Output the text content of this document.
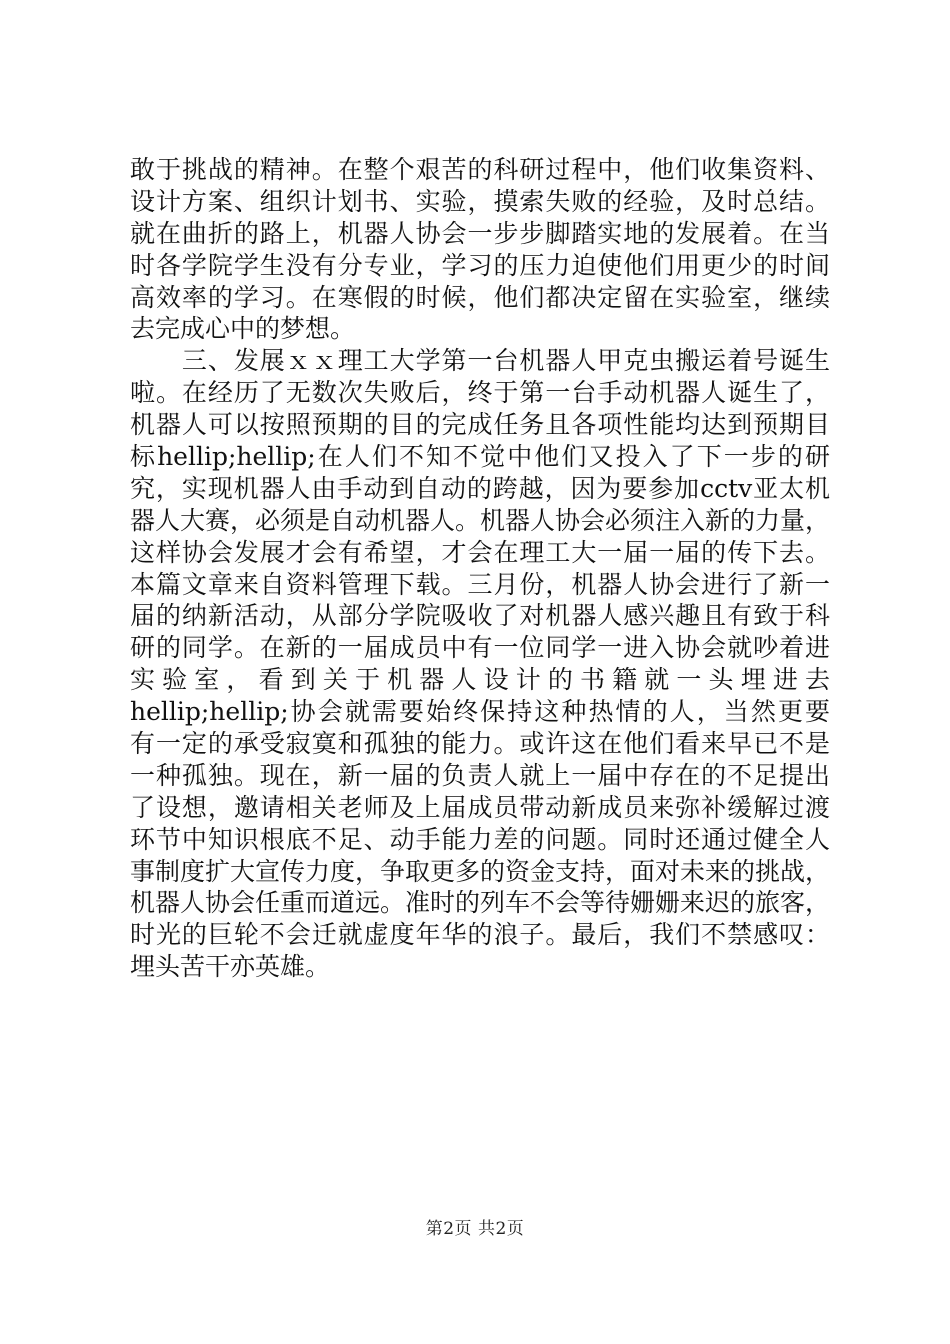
敢于挑战的精神。在整个艰苦的科研过程中，他们收集资料、
设计方案、组织计划书、实验，摸索失败的经验，及时总结。
就在曲折的路上，机器人协会一步步脚踏实地的发展着。在当
时各学院学生没有分专业，学习的压力迫使他们用更少的时间
高效率的学习。在寒假的时候，他们都决定留在实验室，继续
去完成心中的梦想。
　　三、发展ｘｘ理工大学第一台机器人甲克虫搬运着号诞生
啦。在经历了无数次失败后，终于第一台手动机器人诞生了，
机器人可以按照预期的目的完成任务且各项性能均达到预期目
标hellip;hellip;在人们不知不觉中他们又投入了下一步的研
究，实现机器人由手动到自动的跨越，因为要参加cctv亚太机
器人大赛，必须是自动机器人。机器人协会必须注入新的力量，
这样协会发展才会有希望，才会在理工大一届一届的传下去。
本篇文章来自资料管理下载。三月份，机器人协会进行了新一
届的纳新活动，从部分学院吸收了对机器人感兴趣且有致于科
研的同学。在新的一届成员中有一位同学一进入协会就吵着进
实验室，看到关于机器人设计的书籍就一头埋进去
hellip;hellip;协会就需要始终保持这种热情的人，当然更要
有一定的承受寂寞和孤独的能力。或许这在他们看来早已不是
一种孤独。现在，新一届的负责人就上一届中存在的不足提出
了设想，邀请相关老师及上届成员带动新成员来弥补缓解过渡
环节中知识根底不足、动手能力差的问题。同时还通过健全人
事制度扩大宣传力度，争取更多的资金支持，面对未来的挑战，
机器人协会任重而道远。准时的列车不会等待姗姗来迟的旅客，
时光的巨轮不会迁就虚度年华的浪子。最后，我们不禁感叹：
埋头苦干亦英雄。
第2页 共2页
